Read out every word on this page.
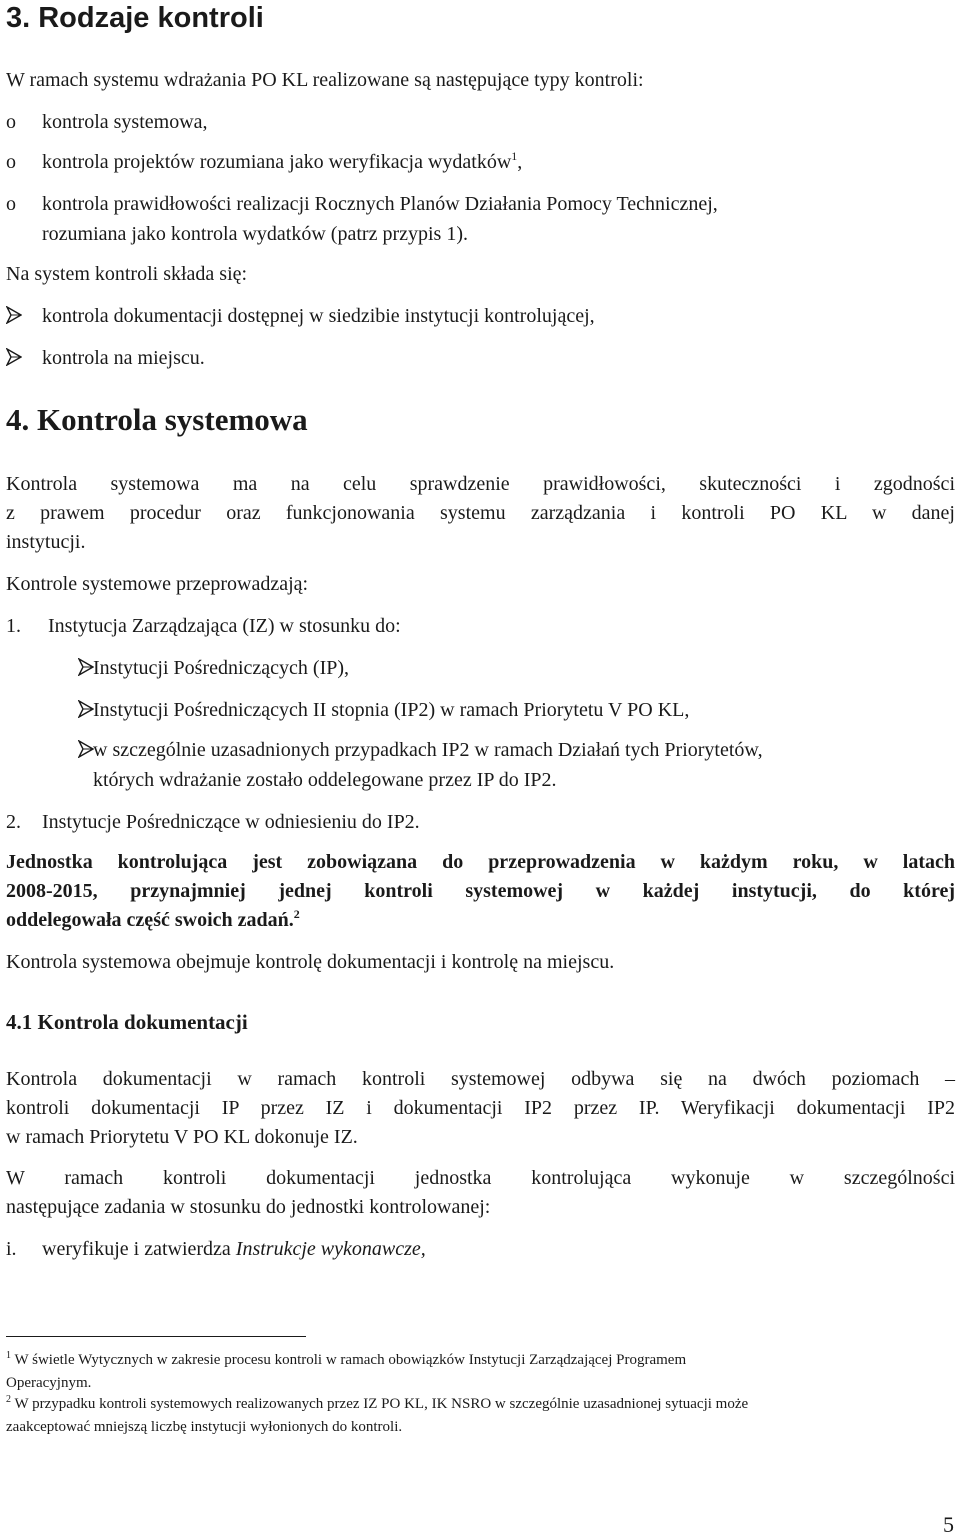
3. Rodzaje kontroli

W ramach systemu wdrażania PO KL realizowane są następujące typy kontroli:

o kontrola systemowa,

o kontrola projektów rozumiana jako weryfikacja wydatków$^1$,

o kontrola prawidłowości realizacji Rocznych Planów Działania Pomocy Technicznej,

rozumiana jako kontrola wydatków (patrz przypis 1).

Na system kontroli składa się:

kontrola dokumentacji dostępnej w siedzibie instytucji kontrolującej,

kontrola na miejscu.

4. Kontrola systemowa
Kontrola systemowa ma na celu sprawdzenie prawidłowości, skuteczności i zgodności
z prawem procedur oraz funkcjonowania systemu zarządzania i kontroli PO KL w danej
instytucji.

Kontrole systemowe przeprowadzają:

1. Instytucja Zarządzająca (IZ) w stosunku do:

Instytucji Pośredniczących (IP),

Instytucji Pośredniczących II stopnia (IP2) w ramach Priorytetu V PO KL,

w szczególnie uzasadnionych przypadkach IP2 w ramach Działań tych Priorytetów,

których wdrażanie zostało oddelegowane przez IP do IP2.

2. Instytucje Pośredniczące w odniesieniu do IP2.

Jednostka kontrolująca jest zobowiązana do przeprowadzenia w każdym roku, w latach
2008-2015, przynajmniej jednej kontroli systemowej w każdej instytucji, do której
oddelegowała część swoich zadań.$^2$

Kontrola systemowa obejmuje kontrolę dokumentacji i kontrolę na miejscu.

4.1 Kontrola dokumentacji
Kontrola dokumentacji w ramach kontroli systemowej odbywa się na dwóch poziomach –
kontroli dokumentacji IP przez IZ i dokumentacji IP2 przez IP. Weryfikacji dokumentacji IP2
w ramach Priorytetu V PO KL dokonuje IZ.
W ramach kontroli dokumentacji jednostka kontrolująca wykonuje w szczególności
następujące zadania w stosunku do jednostki kontrolowanej:
i. weryfikuje i zatwierdza Instrukcje wykonawcze,

$^1$ W świetle Wytycznych w zakresie procesu kontroli w ramach obowiązków Instytucji Zarządzającej Programem
Operacyjnym.
$^2$ W przypadku kontroli systemowych realizowanych przez IZ PO KL, IK NSRO w szczególnie uzasadnionej sytuacji może
zaakceptować mniejszą liczbę instytucji wyłonionych do kontroli.
5
